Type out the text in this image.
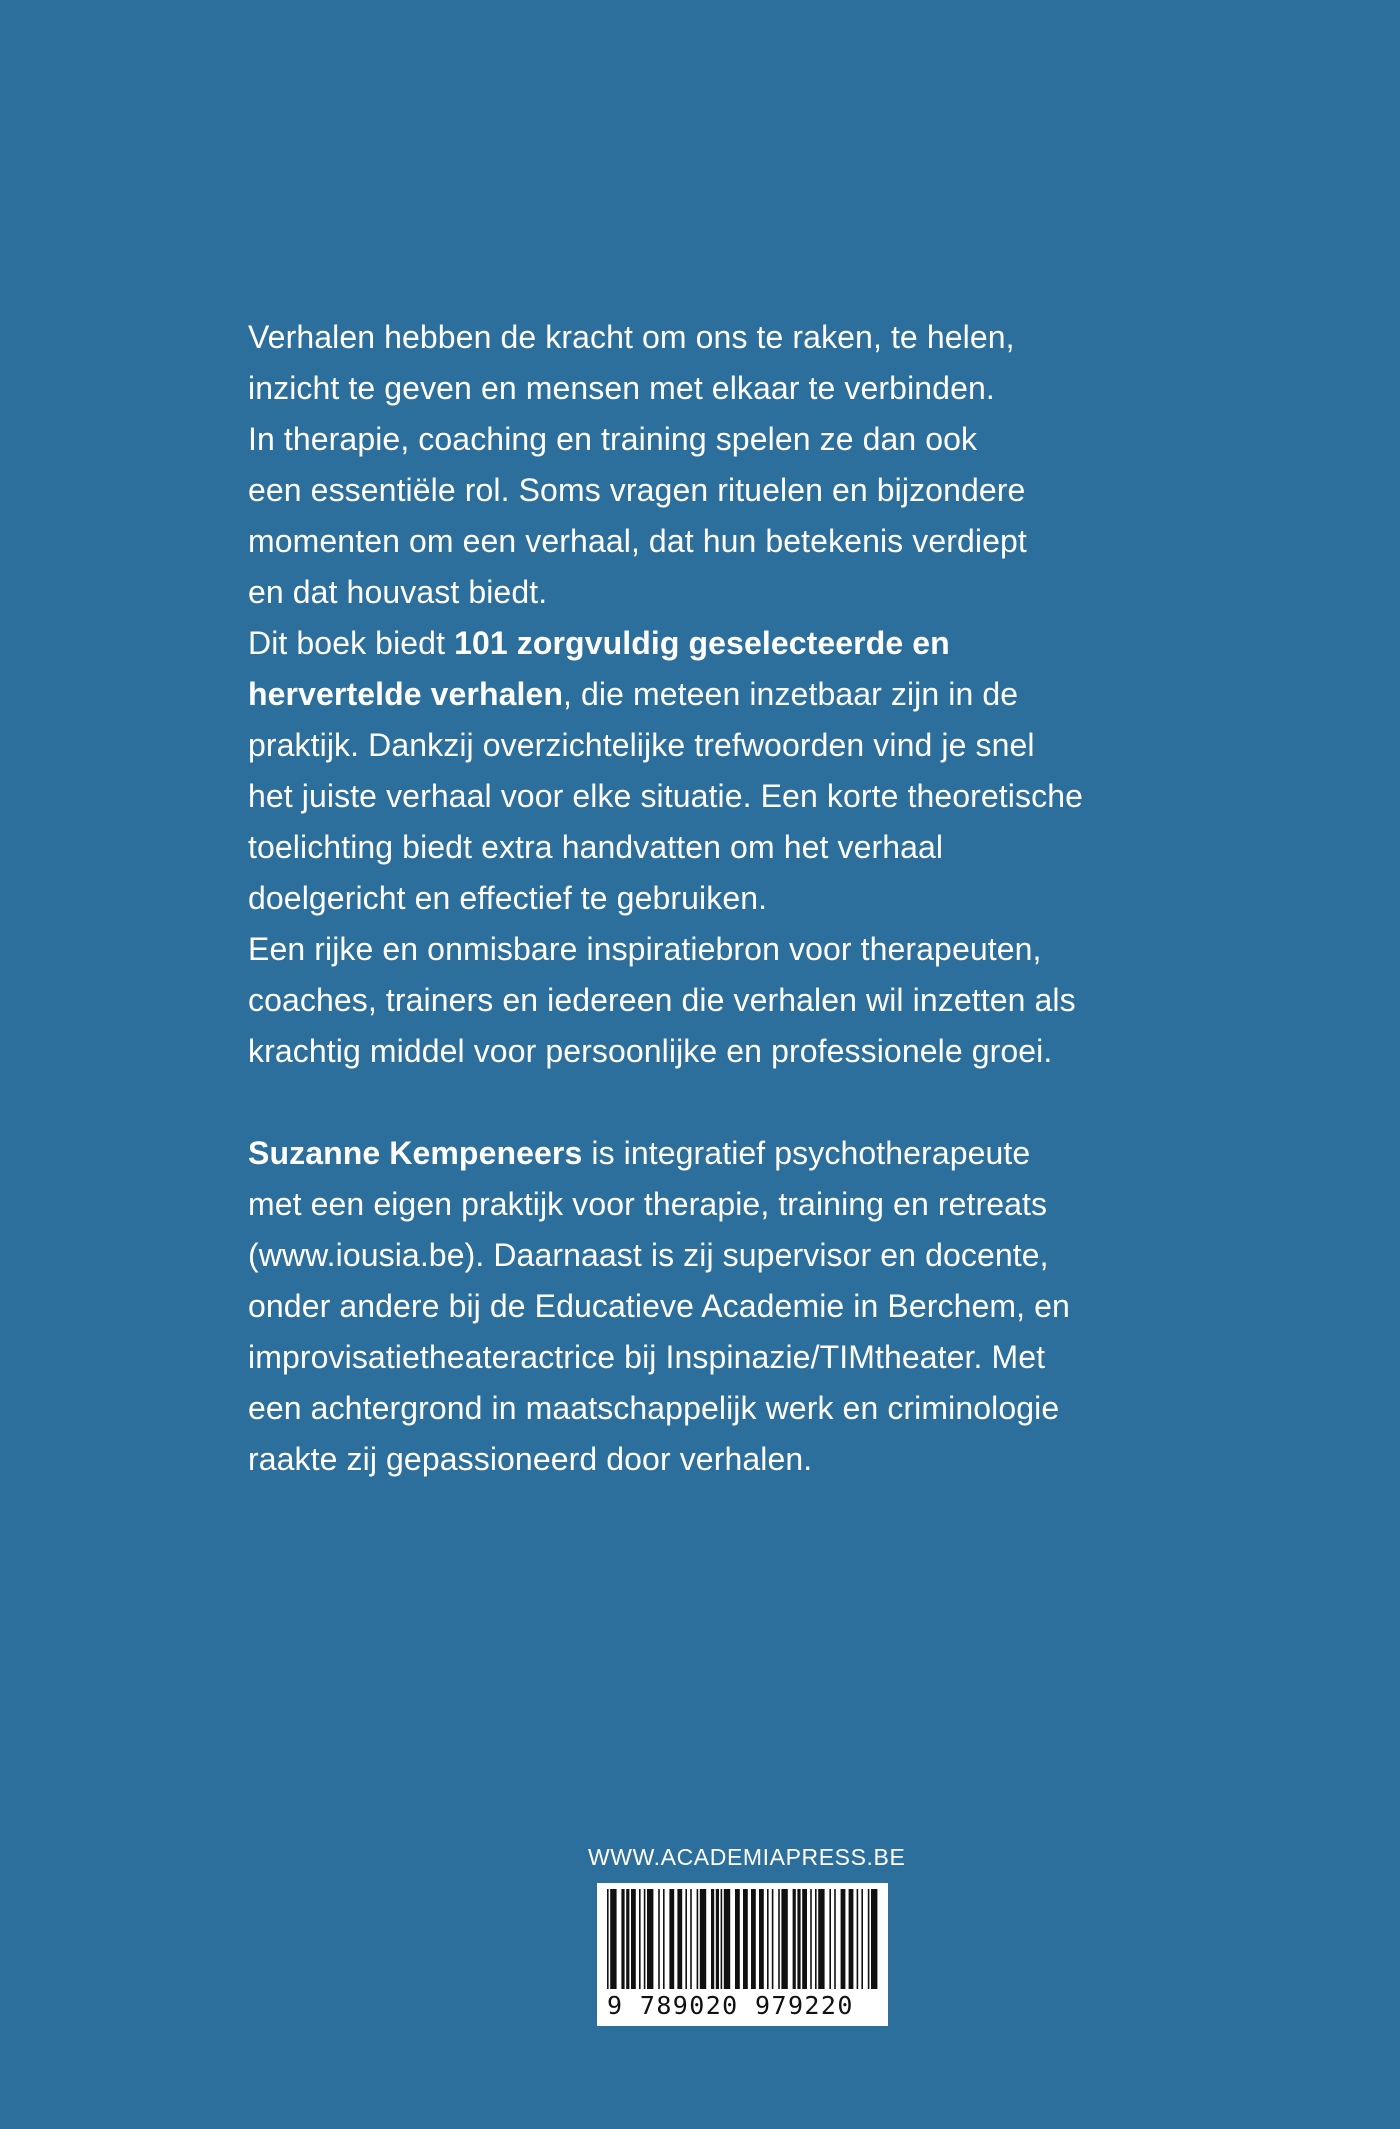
Verhalen hebben de kracht om ons te raken, te helen,
inzicht te geven en mensen met elkaar te verbinden.
In therapie, coaching en training spelen ze dan ook
een essentiële rol. Soms vragen rituelen en bijzondere
momenten om een verhaal, dat hun betekenis verdiept
en dat houvast biedt.
Dit boek biedt 101 zorgvuldig geselecteerde en
hervertelde verhalen, die meteen inzetbaar zijn in de
praktijk. Dankzij overzichtelijke trefwoorden vind je snel
het juiste verhaal voor elke situatie. Een korte theoretische
toelichting biedt extra handvatten om het verhaal
doelgericht en effectief te gebruiken.
Een rijke en onmisbare inspiratiebron voor therapeuten,
coaches, trainers en iedereen die verhalen wil inzetten als
krachtig middel voor persoonlijke en professionele groei.
Suzanne Kempeneers is integratief psychotherapeute
met een eigen praktijk voor therapie, training en retreats
(www.iousia.be). Daarnaast is zij supervisor en docente,
onder andere bij de Educatieve Academie in Berchem, en
improvisatietheateractrice bij Inspinazie/TIMtheater. Met
een achtergrond in maatschappelijk werk en criminologie
raakte zij gepassioneerd door verhalen.
WWW.ACADEMIAPRESS.BE
9 789020 979220
